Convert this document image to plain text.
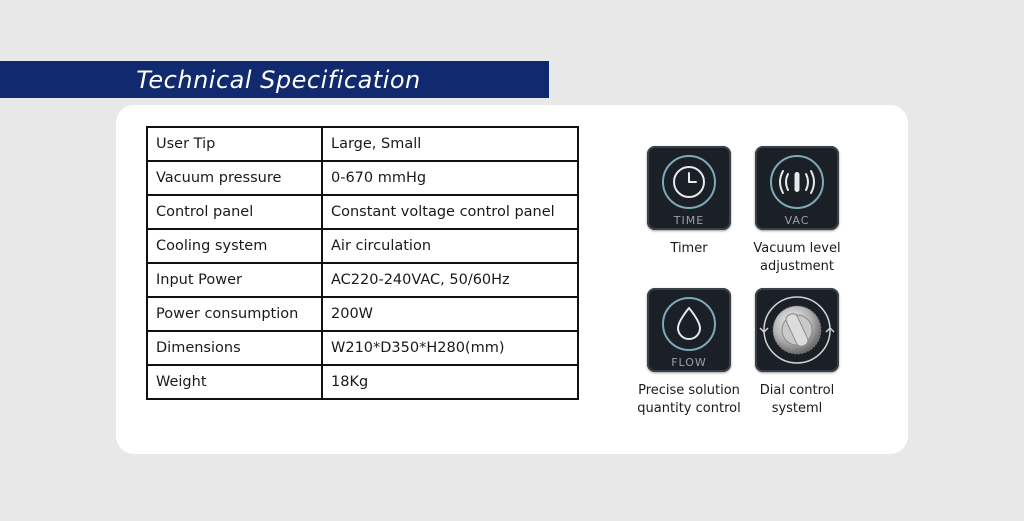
Technical Specification
User Tip	Large, Small
Vacuum pressure	0-670 mmHg
Control panel	Constant voltage control panel
Cooling system	Air circulation
Input Power	AC220-240VAC, 50/60Hz
Power consumption	200W
Dimensions	W210*D350*H280(mm)
Weight	18Kg
TIME
Timer
VAC
Vacuum level
adjustment
FLOW
Precise solution
quantity control
Dial control
systeml
